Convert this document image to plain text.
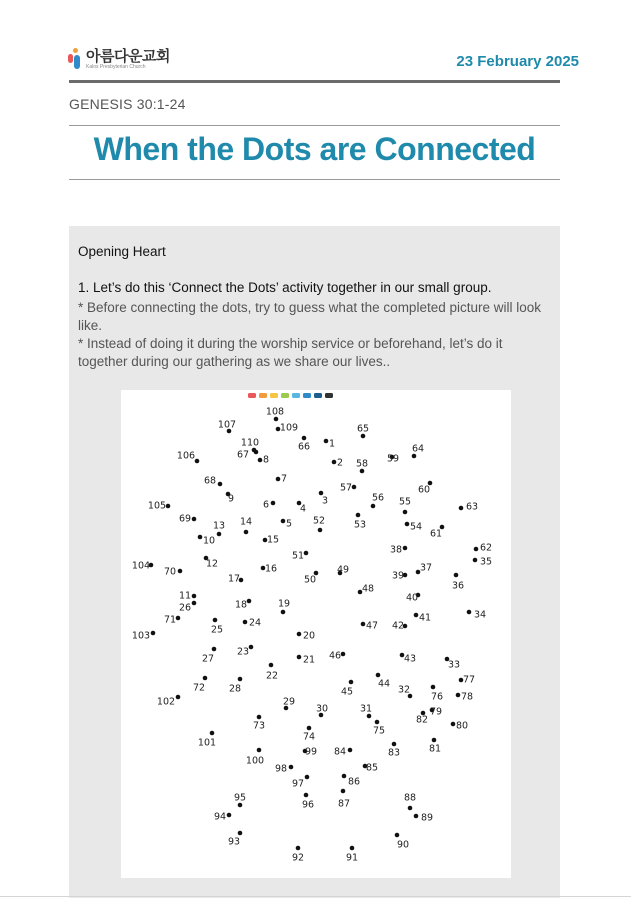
아름다운교회
Kalos Presbyterian Church	23 February 2025
GENESIS 30:1-24
When the Dots are Connected
Opening Heart
1. Let’s do this ‘Connect the Dots’ activity together in our small group.

* Before connecting the dots, try to guess what the completed picture will look like.

* Instead of doing it during the worship service or beforehand, let’s do it together during our gathering as we share our lives..

1
2
3
4
5
6
7
8
9
10
11
12
13 14
15
16
17
18	19
20
21
22
23
24
25
26
27
28
29
30	31
32
33
34
35
36
37
38
39
40
41
42
43
44
45
46
47
48
49
50
51
52	53	54
55
56
57
58 59
60
61
62
63
64
65
66
67
68
69
70
71
72
73
74
75
76
77
78
79
80
81
82
83
84
85
86
87
88
89
90
91
92
93
94
95
96
97
98
99
100
101
102
103
104
105
106
107
108
109
110
